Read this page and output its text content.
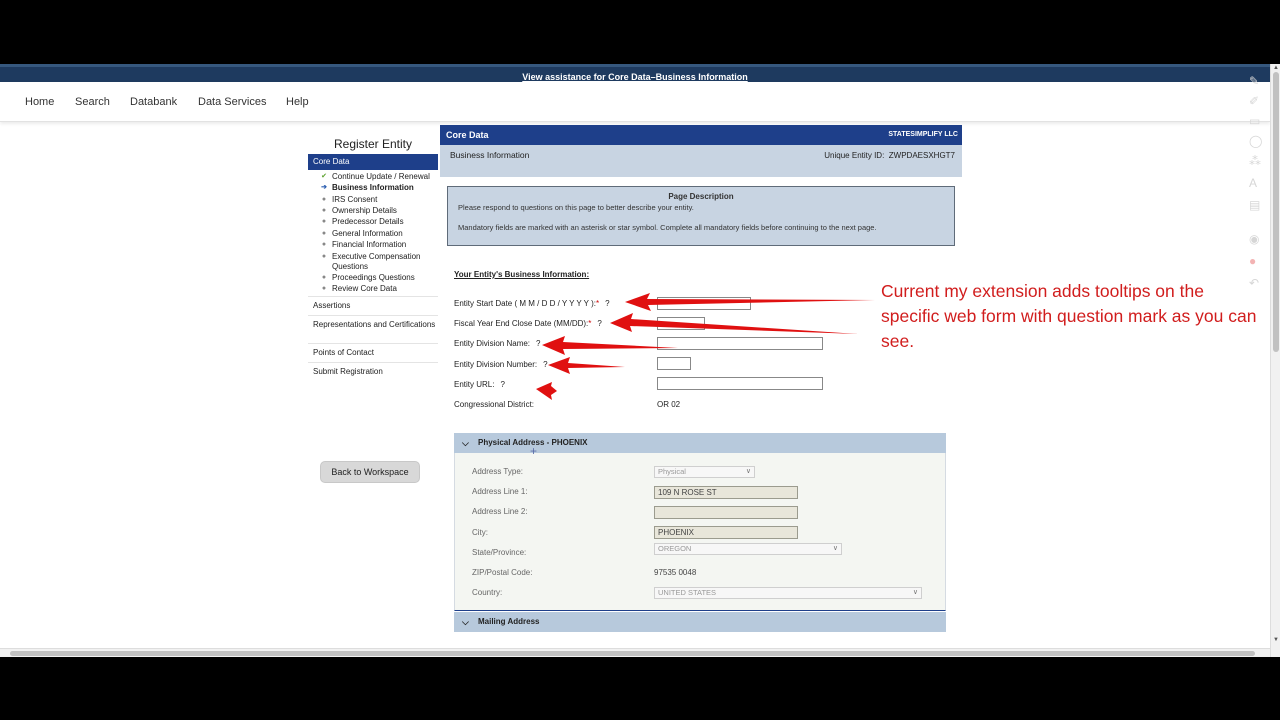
View assistance for Core Data–Business Information
Home Search Databank Data Services Help
Register Entity
Core Data
✔ Continue Update / Renewal
➔ Business Information
● IRS Consent
● Ownership Details
● Predecessor Details
● General Information
● Financial Information
● Executive Compensation Questions
● Proceedings Questions
● Review Core Data
Assertions
Representations and Certifications
Points of Contact
Submit Registration
Back to Workspace
Core Data	STATESIMPLIFY LLC
Business Information	Unique Entity ID: ZWPDAESXHGT7
Page Description

Please respond to questions on this page to better describe your entity.

Mandatory fields are marked with an asterisk or star symbol. Complete all mandatory fields before continuing to the next page.

Your Entity's Business Information:
Entity Start Date ( M M / D D / Y Y Y Y ):* ?
Fiscal Year End Close Date (MM/DD):* ?
Entity Division Name: ?
Entity Division Number: ?
Entity URL: ?
Congressional District:	OR 02
⌵ Physical Address - PHOENIX
Address Type:	Physical	∨
Address Line 1:	109 N ROSE ST
Address Line 2:
City:	PHOENIX
State/Province:	OREGON	∨
ZIP/Postal Code:	97535 0048
Country:	UNITED STATES	∨
⌵ Mailing Address
Current my extension adds tooltips on the specific web form with question mark as you can see.
+
✎
✐
▭
◯
⁂
A
▤
◉
●
↶
▲
▼
